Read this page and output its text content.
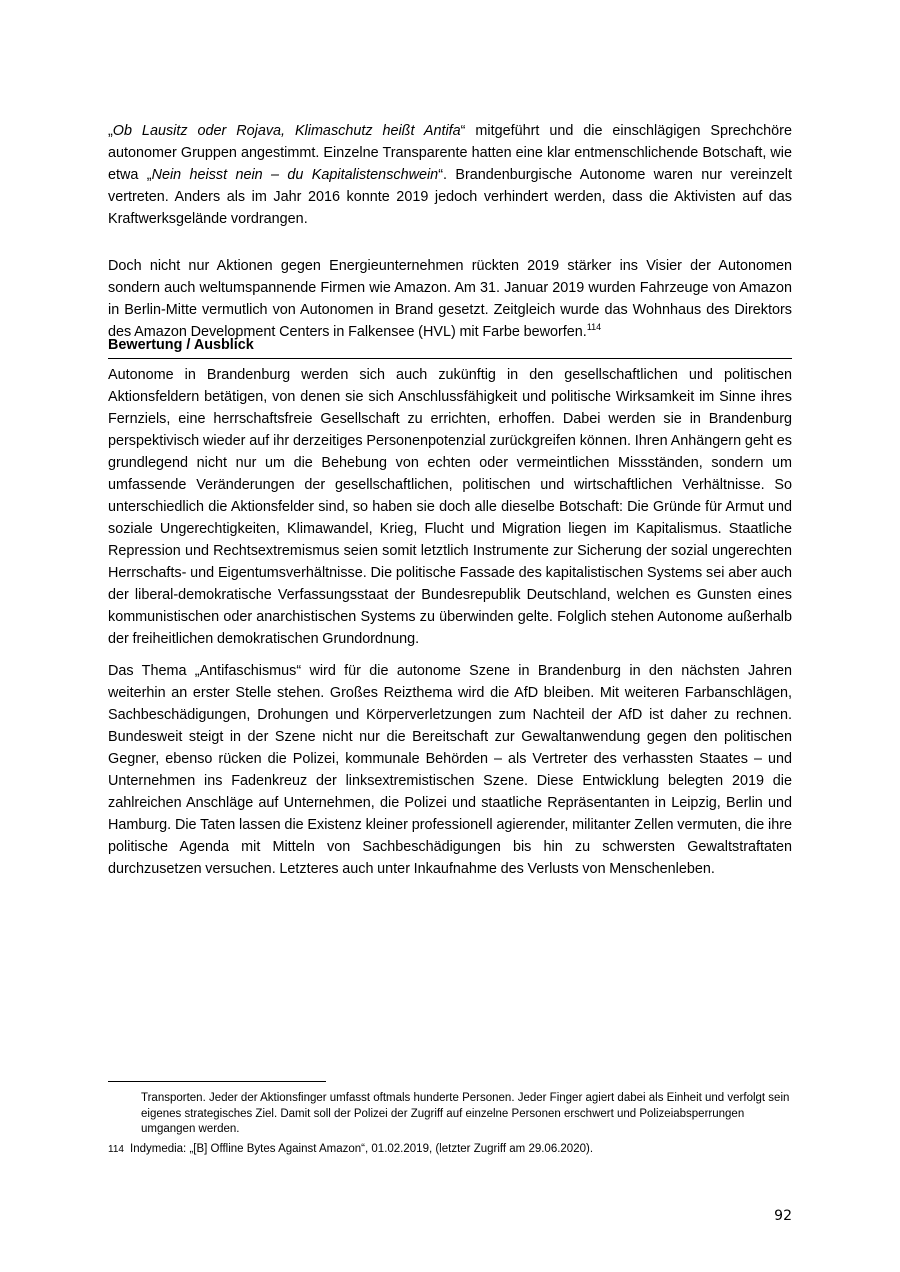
„Ob Lausitz oder Rojava, Klimaschutz heißt Antifa“ mitgeführt und die einschlägigen Sprechchöre autonomer Gruppen angestimmt. Einzelne Transparente hatten eine klar entmenschlichende Botschaft, wie etwa „Nein heisst nein – du Kapitalistenschwein“. Brandenburgische Autonome waren nur vereinzelt vertreten. Anders als im Jahr 2016 konnte 2019 jedoch verhindert werden, dass die Aktivisten auf das Kraftwerksgelände vordrangen.

Doch nicht nur Aktionen gegen Energieunternehmen rückten 2019 stärker ins Visier der Autonomen sondern auch weltumspannende Firmen wie Amazon. Am 31. Januar 2019 wurden Fahrzeuge von Amazon in Berlin-Mitte vermutlich von Autonomen in Brand gesetzt. Zeitgleich wurde das Wohnhaus des Direktors des Amazon Development Centers in Falkensee (HVL) mit Farbe beworfen.$^{114}$

Bewertung / Ausblick

Autonome in Brandenburg werden sich auch zukünftig in den gesellschaftlichen und politischen Aktionsfeldern betätigen, von denen sie sich Anschlussfähigkeit und politische Wirksamkeit im Sinne ihres Fernziels, eine herrschaftsfreie Gesellschaft zu errichten, erhoffen. Dabei werden sie in Brandenburg perspektivisch wieder auf ihr derzeitiges Personenpotenzial zurückgreifen können. Ihren Anhängern geht es grundlegend nicht nur um die Behebung von echten oder vermeintlichen Missständen, sondern um umfassende Veränderungen der gesellschaftlichen, politischen und wirtschaftlichen Verhältnisse. So unterschiedlich die Aktionsfelder sind, so haben sie doch alle dieselbe Botschaft: Die Gründe für Armut und soziale Ungerechtigkeiten, Klimawandel, Krieg, Flucht und Migration liegen im Kapitalismus. Staatliche Repression und Rechtsextremismus seien somit letztlich Instrumente zur Sicherung der sozial ungerechten Herrschafts- und Eigentumsverhältnisse. Die politische Fassade des kapitalistischen Systems sei aber auch der liberal-demokratische Verfassungsstaat der Bundesrepublik Deutschland, welchen es Gunsten eines kommunistischen oder anarchistischen Systems zu überwinden gelte. Folglich stehen Autonome außerhalb der freiheitlichen demokratischen Grundordnung.

Das Thema „Antifaschismus“ wird für die autonome Szene in Brandenburg in den nächsten Jahren weiterhin an erster Stelle stehen. Großes Reizthema wird die AfD bleiben. Mit weiteren Farbanschlägen, Sachbeschädigungen, Drohungen und Körperverletzungen zum Nachteil der AfD ist daher zu rechnen. Bundesweit steigt in der Szene nicht nur die Bereitschaft zur Gewaltanwendung gegen den politischen Gegner, ebenso rücken die Polizei, kommunale Behörden – als Vertreter des verhassten Staates – und Unternehmen ins Fadenkreuz der linksextremistischen Szene. Diese Entwicklung belegten 2019 die zahlreichen Anschläge auf Unternehmen, die Polizei und staatliche Repräsentanten in Leipzig, Berlin und Hamburg. Die Taten lassen die Existenz kleiner professionell agierender, militanter Zellen vermuten, die ihre politische Agenda mit Mitteln von Sachbeschädigungen bis hin zu schwersten Gewaltstraftaten durchzusetzen versuchen. Letzteres auch unter Inkaufnahme des Verlusts von Menschenleben.

Transporten. Jeder der Aktionsfinger umfasst oftmals hunderte Personen. Jeder Finger agiert dabei als Einheit und verfolgt sein eigenes strategisches Ziel. Damit soll der Polizei der Zugriff auf einzelne Personen erschwert und Polizeiabsperrungen umgangen werden.
114 Indymedia: „[B] Offline Bytes Against Amazon“, 01.02.2019, (letzter Zugriff am 29.06.2020).
92
